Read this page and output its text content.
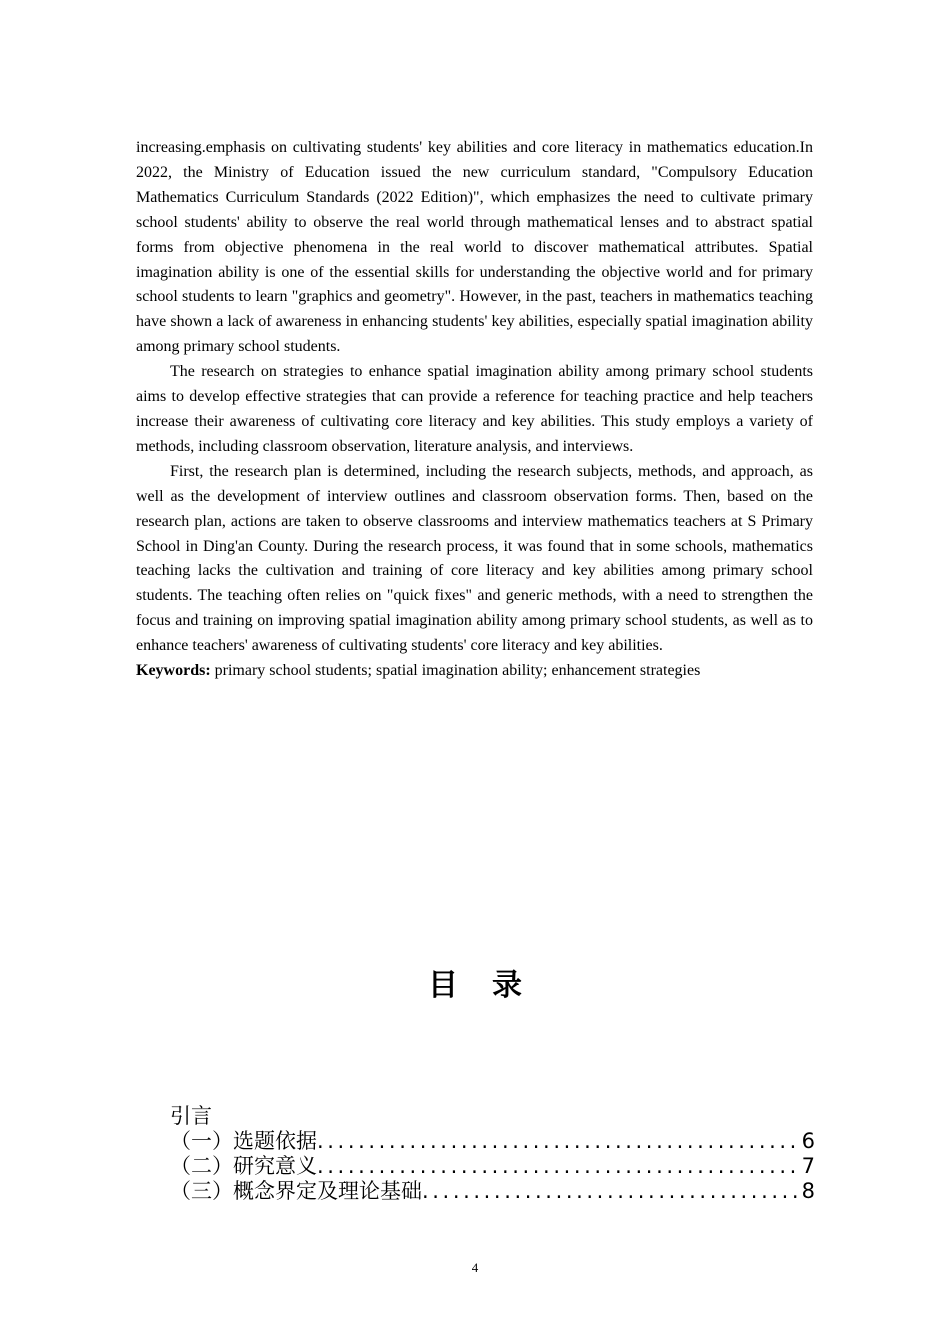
increasing.emphasis on cultivating students' key abilities and core literacy in mathematics education.In 2022, the Ministry of Education issued the new curriculum standard, "Compulsory Education Mathematics Curriculum Standards (2022 Edition)", which emphasizes the need to cultivate primary school students' ability to observe the real world through mathematical lenses and to abstract spatial forms from objective phenomena in the real world to discover mathematical attributes. Spatial imagination ability is one of the essential skills for understanding the objective world and for primary school students to learn "graphics and geometry". However, in the past, teachers in mathematics teaching have shown a lack of awareness in enhancing students' key abilities, especially spatial imagination ability among primary school students.

The research on strategies to enhance spatial imagination ability among primary school students aims to develop effective strategies that can provide a reference for teaching practice and help teachers increase their awareness of cultivating core literacy and key abilities. This study employs a variety of methods, including classroom observation, literature analysis, and interviews.

First, the research plan is determined, including the research subjects, methods, and approach, as well as the development of interview outlines and classroom observation forms. Then, based on the research plan, actions are taken to observe classrooms and interview mathematics teachers at S Primary School in Ding'an County. During the research process, it was found that in some schools, mathematics teaching lacks the cultivation and training of core literacy and key abilities among primary school students. The teaching often relies on "quick fixes" and generic methods, with a need to strengthen the focus and training on improving spatial imagination ability among primary school students, as well as to enhance teachers' awareness of cultivating students' core literacy and key abilities.

Keywords: primary school students; spatial imagination ability; enhancement strategies

目录
引言
（一）选题依据 .....	6
（二）研究意义 .....	7
（三）概念界定及理论基础 .....	8
4
